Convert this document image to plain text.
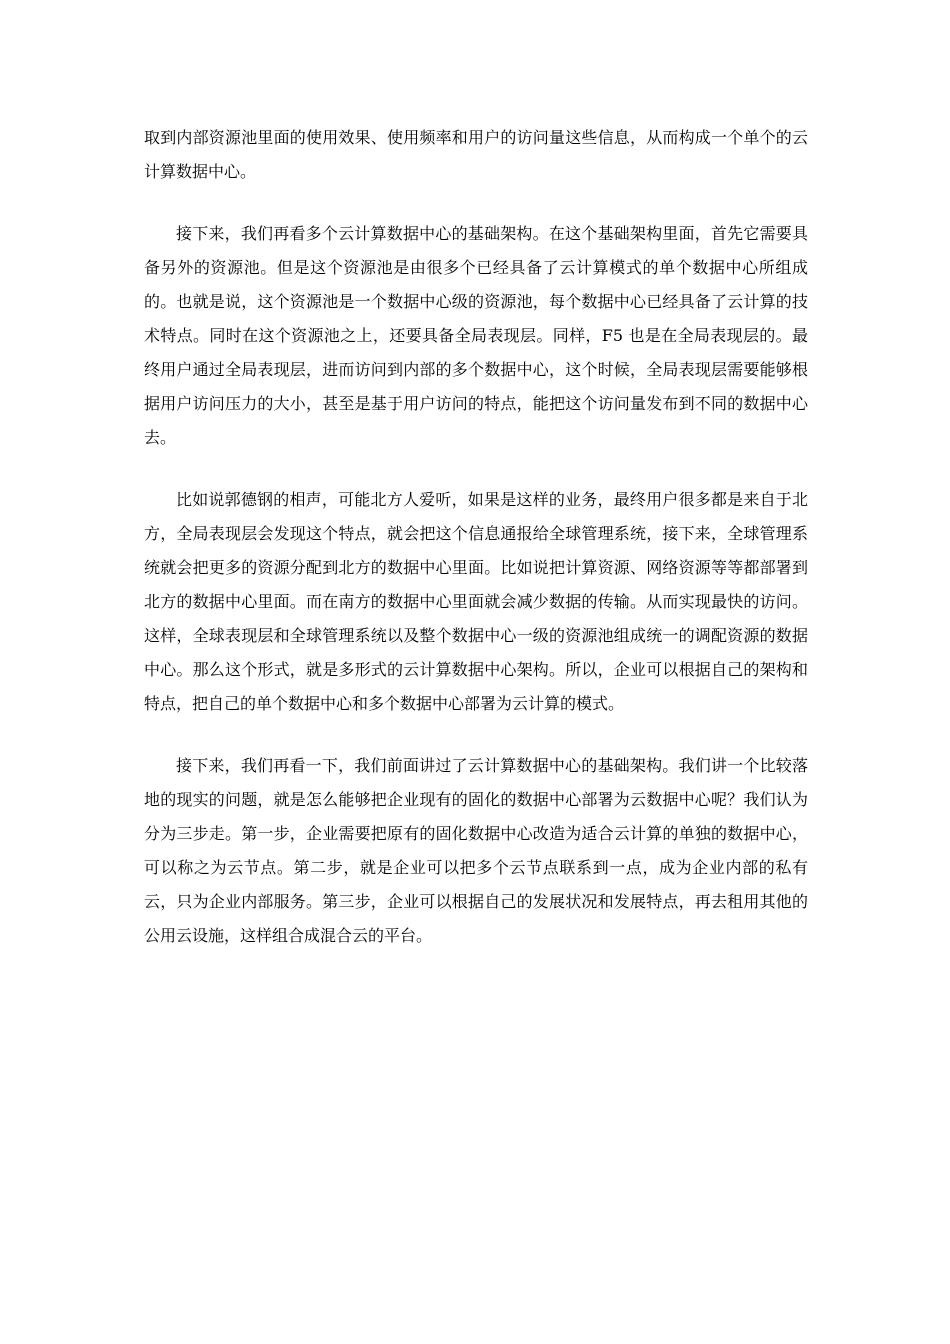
取到内部资源池里面的使用效果、使用频率和用户的访问量这些信息，从而构成一个单个的云计算数据中心。

接下来，我们再看多个云计算数据中心的基础架构。在这个基础架构里面，首先它需要具备另外的资源池。但是这个资源池是由很多个已经具备了云计算模式的单个数据中心所组成的。也就是说，这个资源池是一个数据中心级的资源池，每个数据中心已经具备了云计算的技术特点。同时在这个资源池之上，还要具备全局表现层。同样，F5 也是在全局表现层的。最终用户通过全局表现层，进而访问到内部的多个数据中心，这个时候，全局表现层需要能够根据用户访问压力的大小，甚至是基于用户访问的特点，能把这个访问量发布到不同的数据中心去。

比如说郭德钢的相声，可能北方人爱听，如果是这样的业务，最终用户很多都是来自于北方，全局表现层会发现这个特点，就会把这个信息通报给全球管理系统，接下来，全球管理系统就会把更多的资源分配到北方的数据中心里面。比如说把计算资源、网络资源等等都部署到北方的数据中心里面。而在南方的数据中心里面就会减少数据的传输。从而实现最快的访问。这样，全球表现层和全球管理系统以及整个数据中心一级的资源池组成统一的调配资源的数据中心。那么这个形式，就是多形式的云计算数据中心架构。所以，企业可以根据自己的架构和特点，把自己的单个数据中心和多个数据中心部署为云计算的模式。

接下来，我们再看一下，我们前面讲过了云计算数据中心的基础架构。我们讲一个比较落地的现实的问题，就是怎么能够把企业现有的固化的数据中心部署为云数据中心呢？我们认为分为三步走。第一步，企业需要把原有的固化数据中心改造为适合云计算的单独的数据中心，可以称之为云节点。第二步，就是企业可以把多个云节点联系到一点，成为企业内部的私有云，只为企业内部服务。第三步，企业可以根据自己的发展状况和发展特点，再去租用其他的公用云设施，这样组合成混合云的平台。
